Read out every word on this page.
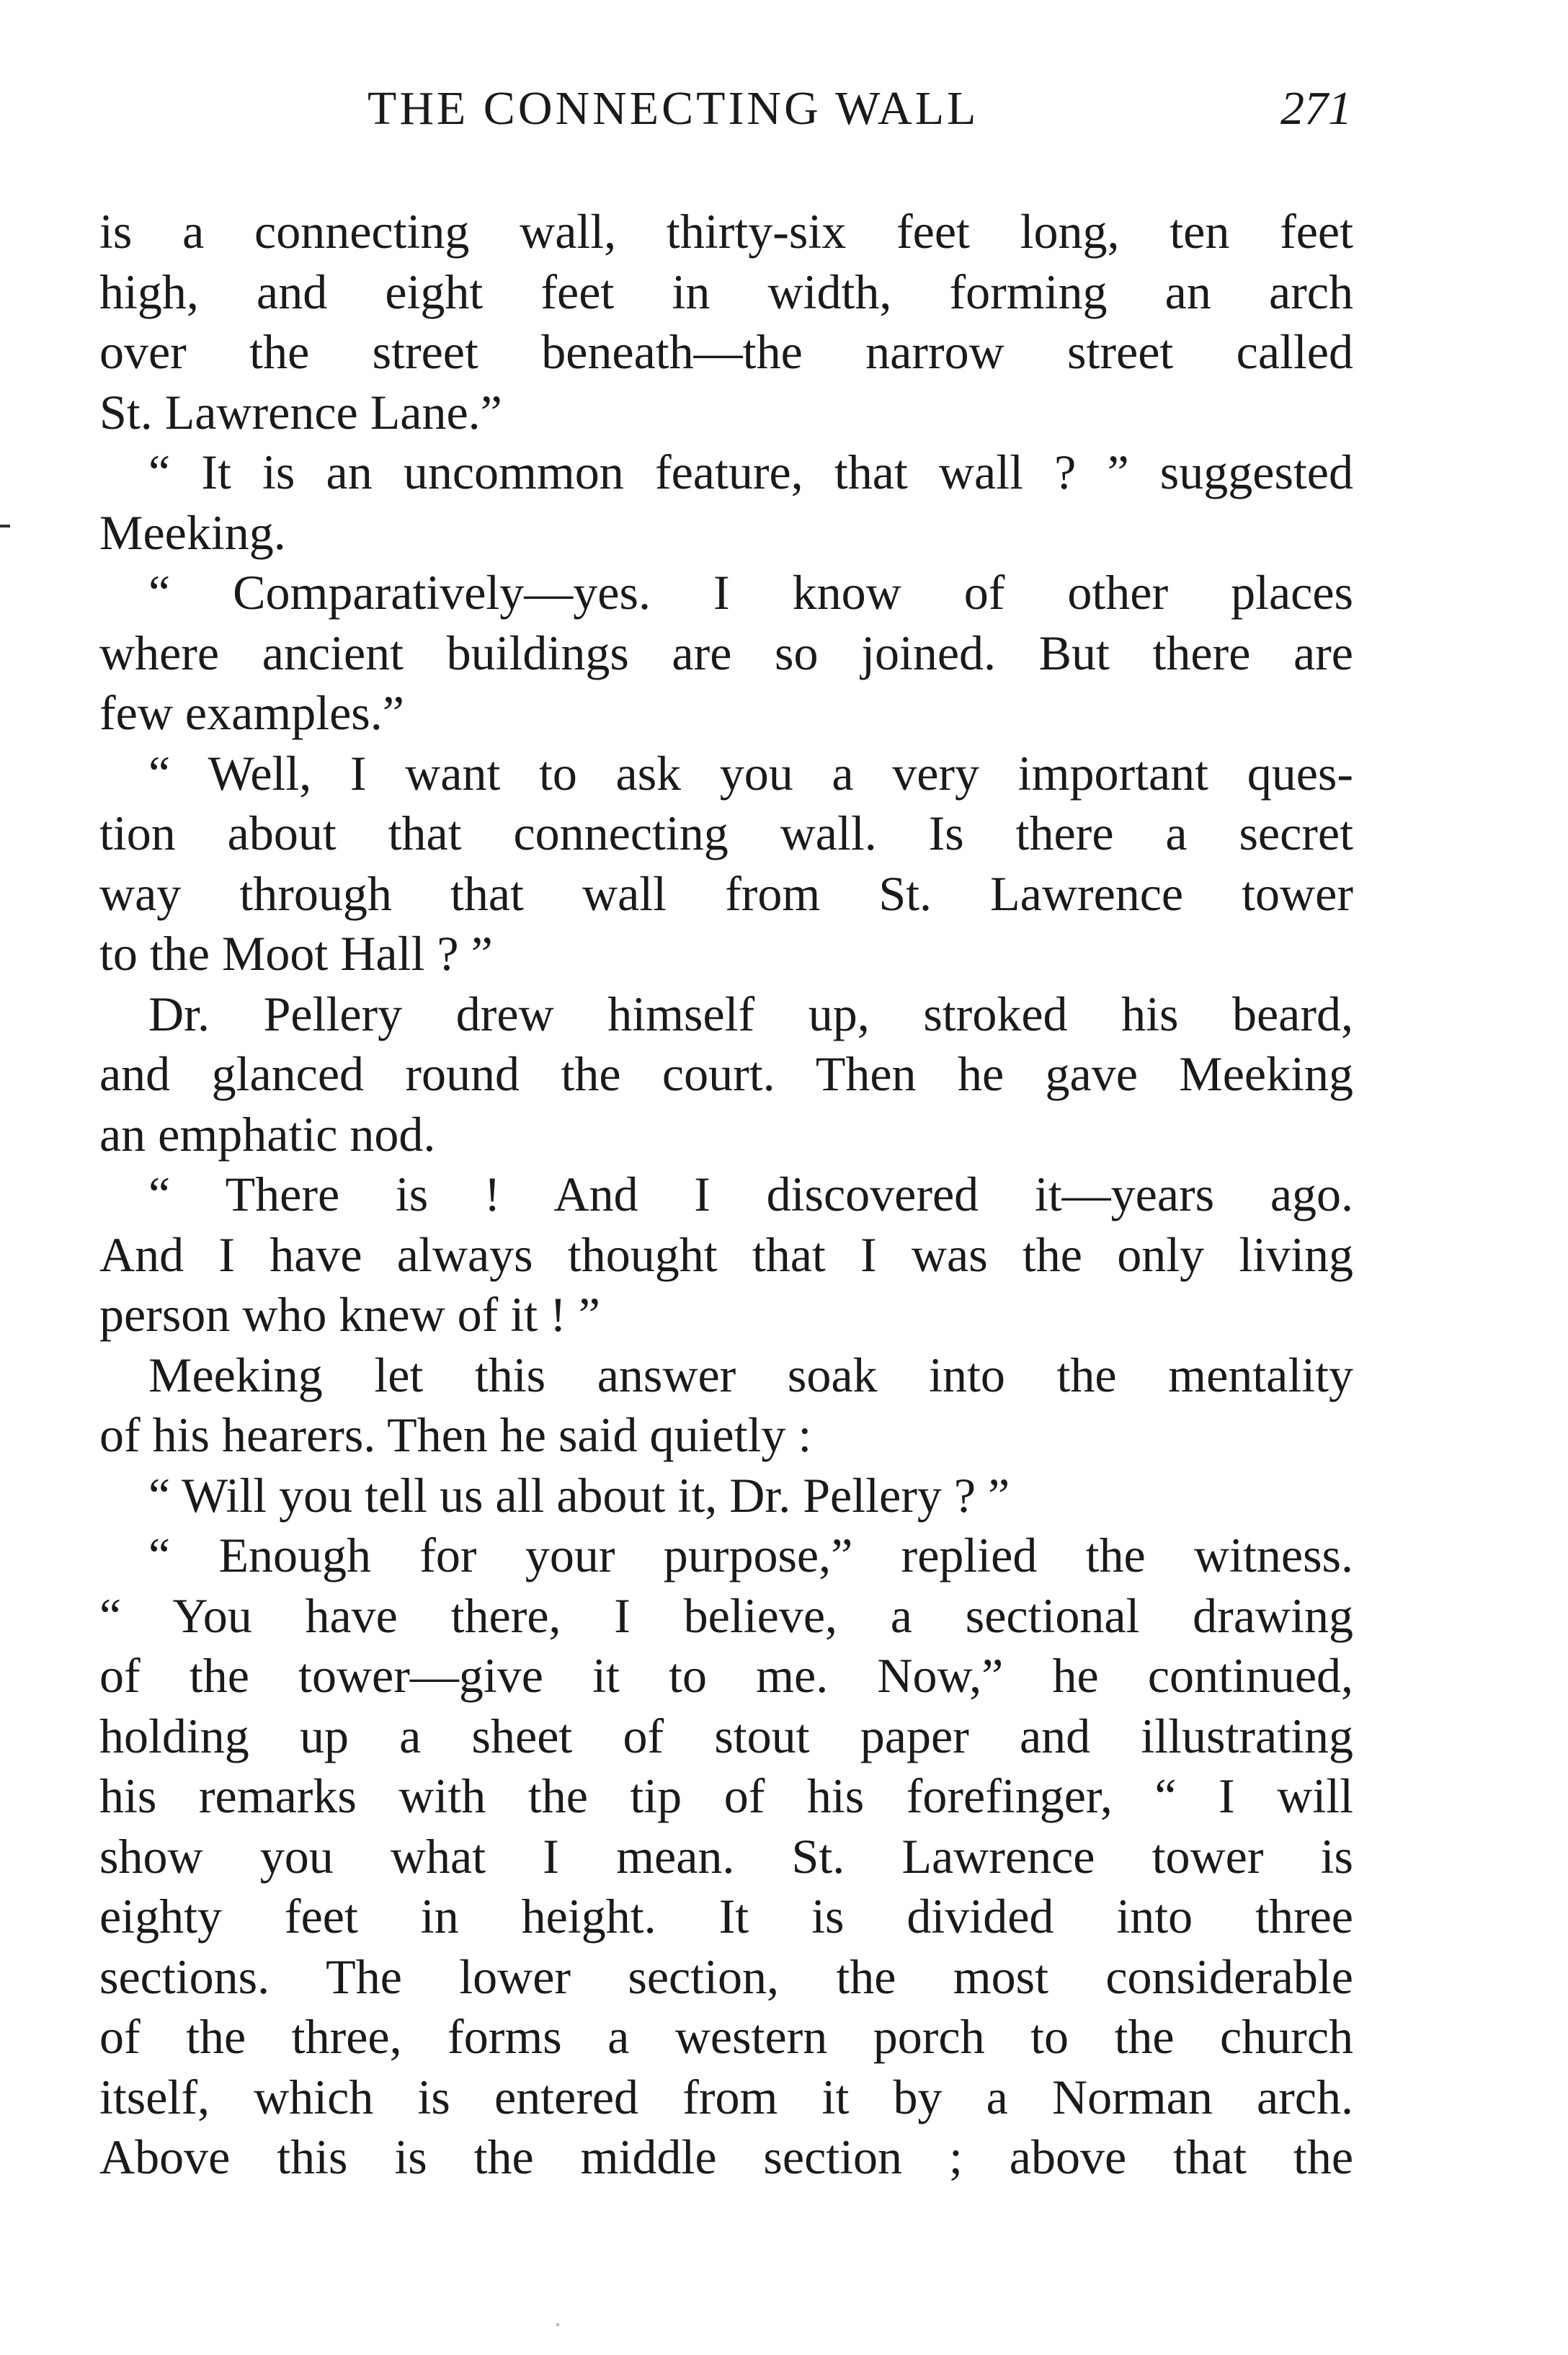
THE CONNECTING WALL	271
is a connecting wall, thirty-six feet long, ten feet
high, and eight feet in width, forming an arch
over the street beneath—the narrow street called
St. Lawrence Lane.”
“ It is an uncommon feature, that wall ? ” suggested
Meeking.
“ Comparatively—yes. I know of other places
where ancient buildings are so joined. But there are
few examples.”
“ Well, I want to ask you a very important ques-
tion about that connecting wall. Is there a secret
way through that wall from St. Lawrence tower
to the Moot Hall ? ”
Dr. Pellery drew himself up, stroked his beard,
and glanced round the court. Then he gave Meeking
an emphatic nod.
“ There is ! And I discovered it—years ago.
And I have always thought that I was the only living
person who knew of it ! ”
Meeking let this answer soak into the mentality
of his hearers. Then he said quietly :
“ Will you tell us all about it, Dr. Pellery ? ”
“ Enough for your purpose,” replied the witness.
“ You have there, I believe, a sectional drawing
of the tower—give it to me. Now,” he continued,
holding up a sheet of stout paper and illustrating
his remarks with the tip of his forefinger, “ I will
show you what I mean. St. Lawrence tower is
eighty feet in height. It is divided into three
sections. The lower section, the most considerable
of the three, forms a western porch to the church
itself, which is entered from it by a Norman arch.
Above this is the middle section ; above that the
